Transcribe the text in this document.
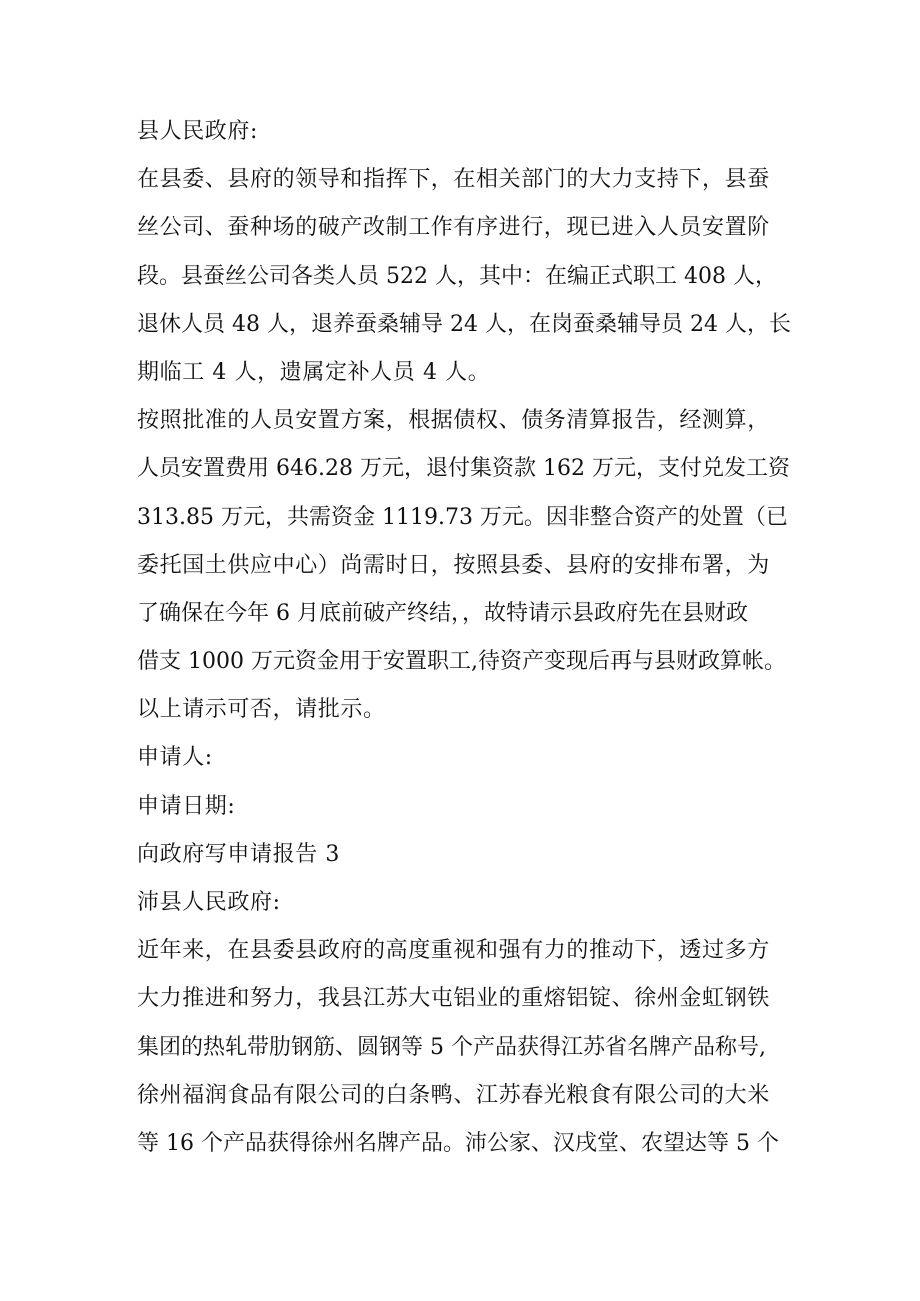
县人民政府:
在县委、县府的领导和指挥下，在相关部门的大力支持下，县蚕
丝公司、蚕种场的破产改制工作有序进行，现已进入人员安置阶
段。县蚕丝公司各类人员 522 人，其中：在编正式职工 408 人，
退休人员 48 人，退养蚕桑辅导 24 人，在岗蚕桑辅导员 24 人，长
期临工 4 人，遗属定补人员 4 人。
按照批准的人员安置方案，根据债权、债务清算报告，经测算，
人员安置费用 646.28 万元，退付集资款 162 万元，支付兑发工资
313.85 万元，共需资金 1119.73 万元。因非整合资产的处置（已
委托国土供应中心）尚需时日，按照县委、县府的安排布署，为
了确保在今年 6 月底前破产终结，，故特请示县政府先在县财政
借支 1000 万元资金用于安置职工,待资产变现后再与县财政算帐。
以上请示可否，请批示。
申请人:
申请日期:
向政府写申请报告 3
沛县人民政府:
近年来，在县委县政府的高度重视和强有力的推动下，透过多方
大力推进和努力，我县江苏大屯铝业的重熔铝锭、徐州金虹钢铁
集团的热轧带肋钢筋、圆钢等 5 个产品获得江苏省名牌产品称号,
徐州福润食品有限公司的白条鸭、江苏春光粮食有限公司的大米
等 16 个产品获得徐州名牌产品。沛公家、汉戌堂、农望达等 5 个
